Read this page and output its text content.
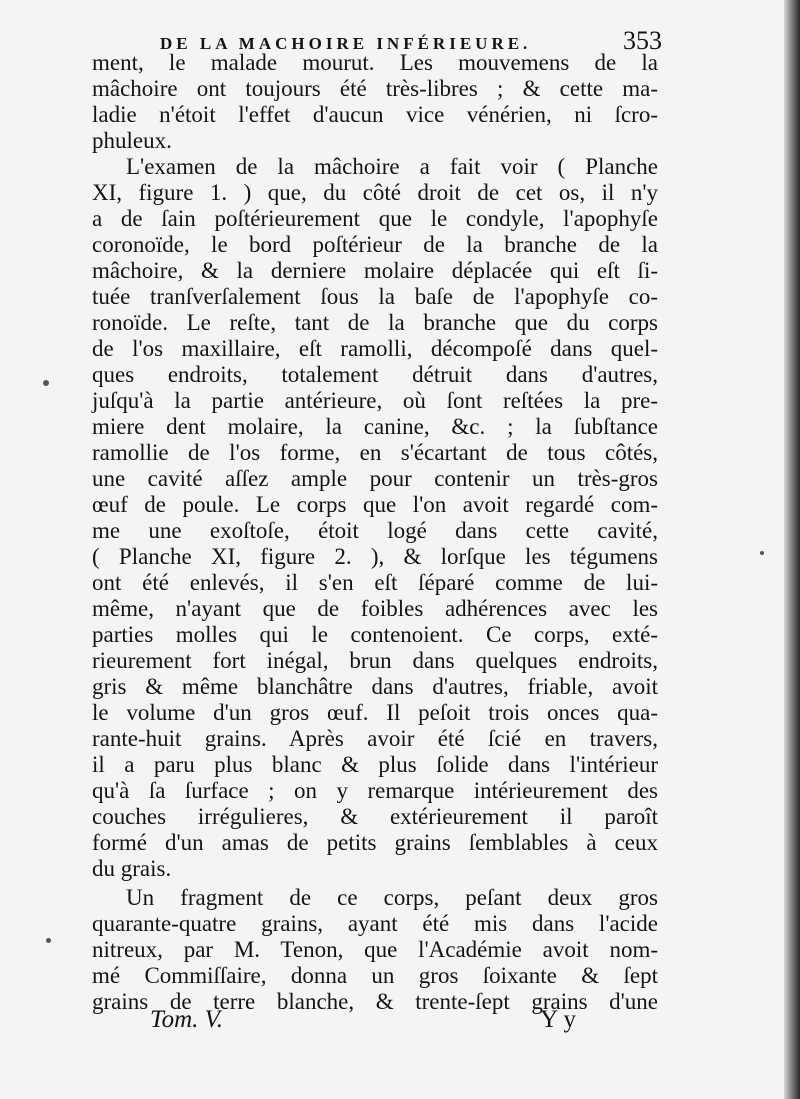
DE LA MACHOIRE INFÉRIEURE.	353
ment, le malade mourut. Les mouvemens de la
mâchoire ont toujours été très-libres ; & cette ma-
ladie n'étoit l'effet d'aucun vice vénérien, ni ſcro-
phuleux.
L'examen de la mâchoire a fait voir ( Planche
XI, figure 1. ) que, du côté droit de cet os, il n'y
a de ſain poſtérieurement que le condyle, l'apophyſe
coronoïde, le bord poſtérieur de la branche de la
mâchoire, & la derniere molaire déplacée qui eſt ſi-
tuée tranſverſalement ſous la baſe de l'apophyſe co-
ronoïde. Le reſte, tant de la branche que du corps
de l'os maxillaire, eſt ramolli, décompoſé dans quel-
ques endroits, totalement détruit dans d'autres,
juſqu'à la partie antérieure, où ſont reſtées la pre-
miere dent molaire, la canine, &c. ; la ſubſtance
ramollie de l'os forme, en s'écartant de tous côtés,
une cavité aſſez ample pour contenir un très-gros
œuf de poule. Le corps que l'on avoit regardé com-
me une exoſtoſe, étoit logé dans cette cavité,
( Planche XI, figure 2. ), & lorſque les tégumens
ont été enlevés, il s'en eſt ſéparé comme de lui-
même, n'ayant que de foibles adhérences avec les
parties molles qui le contenoient. Ce corps, exté-
rieurement fort inégal, brun dans quelques endroits,
gris & même blanchâtre dans d'autres, friable, avoit
le volume d'un gros œuf. Il peſoit trois onces qua-
rante-huit grains. Après avoir été ſcié en travers,
il a paru plus blanc & plus ſolide dans l'intérieur
qu'à ſa ſurface ; on y remarque intérieurement des
couches irrégulieres, & extérieurement il paroît
formé d'un amas de petits grains ſemblables à ceux
du grais.
Un fragment de ce corps, peſant deux gros
quarante-quatre grains, ayant été mis dans l'acide
nitreux, par M. Tenon, que l'Académie avoit nom-
mé Commiſſaire, donna un gros ſoixante & ſept
grains de terre blanche, & trente-ſept grains d'une
Tom. V.	Y y
